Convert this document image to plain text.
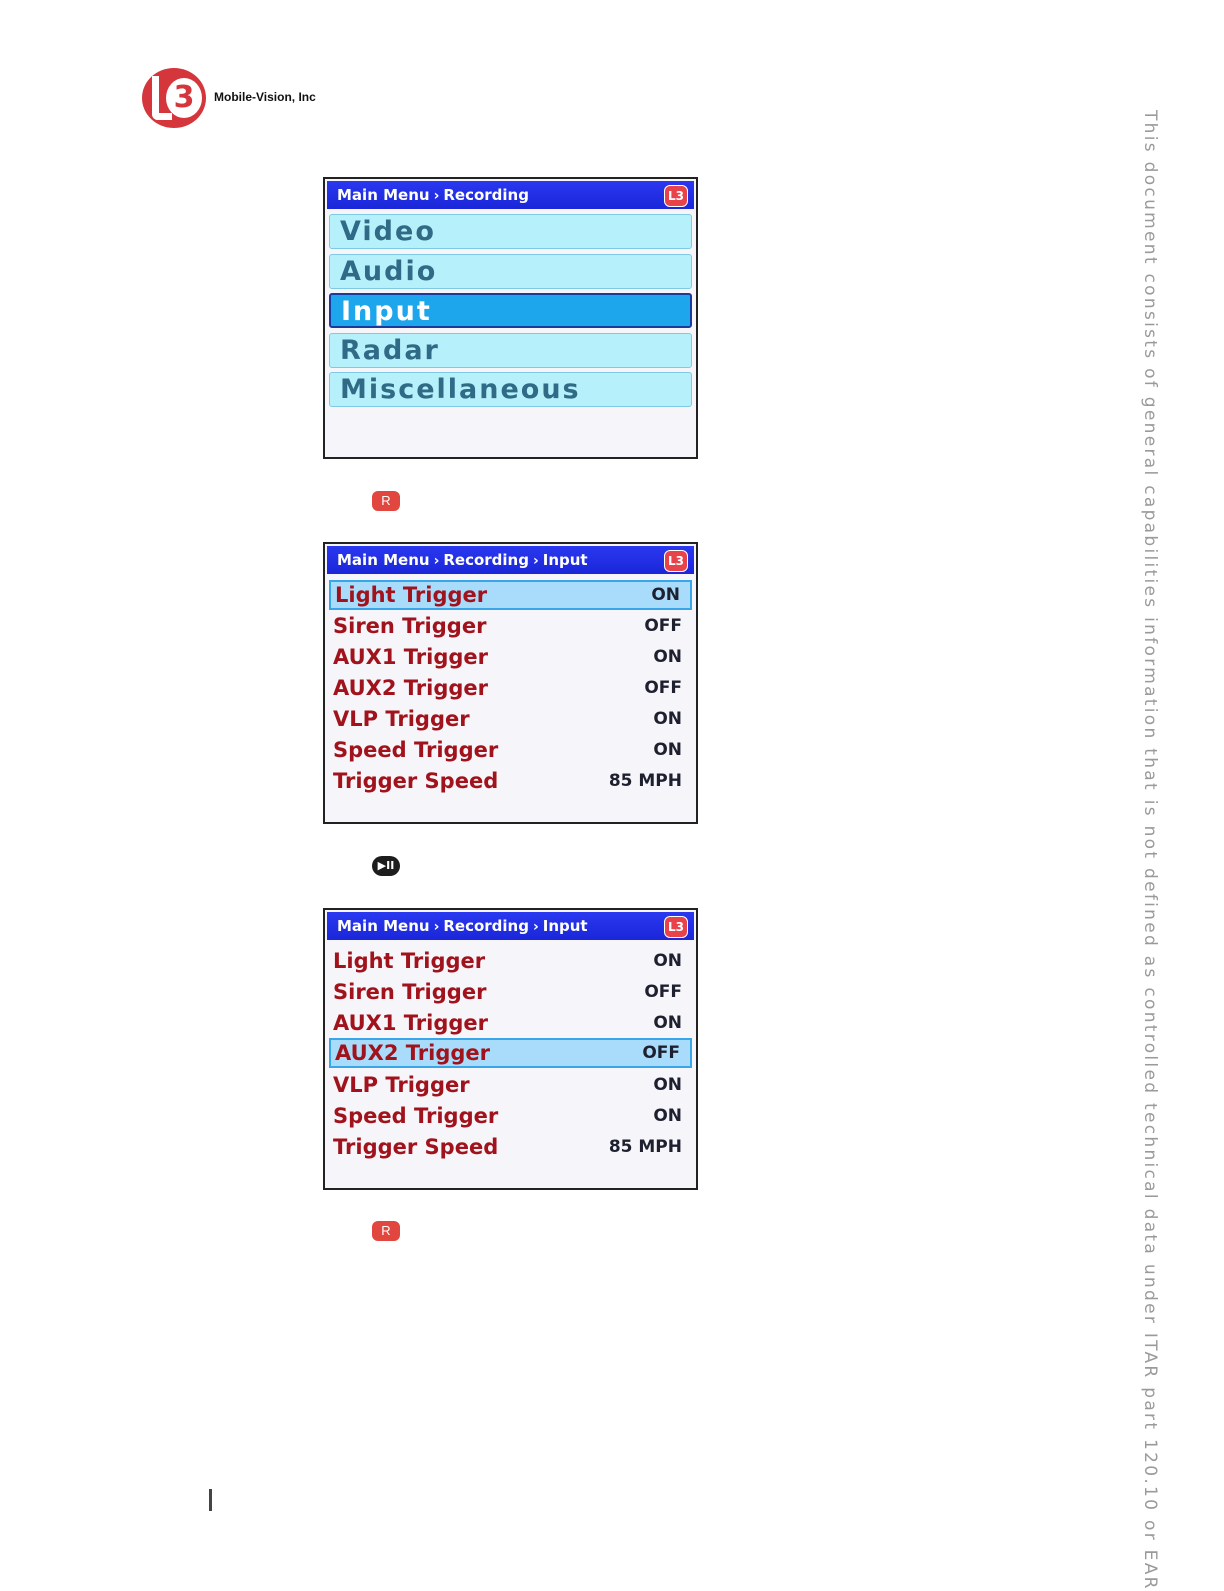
3	Mobile-Vision, Inc
This document consists of general capabilities information that is not defined as controlled technical data under ITAR part 120.10 or EAR
Main Menu › Recording	L3
Video
Audio
Input
Radar
Miscellaneous
R
Main Menu › Recording › Input	L3
Light Trigger	ON
Siren Trigger	OFF
AUX1 Trigger	ON
AUX2 Trigger	OFF
VLP Trigger	ON
Speed Trigger	ON
Trigger Speed	85 MPH
▶II
Main Menu › Recording › Input	L3
Light Trigger	ON
Siren Trigger	OFF
AUX1 Trigger	ON
AUX2 Trigger	OFF
VLP Trigger	ON
Speed Trigger	ON
Trigger Speed	85 MPH
R
